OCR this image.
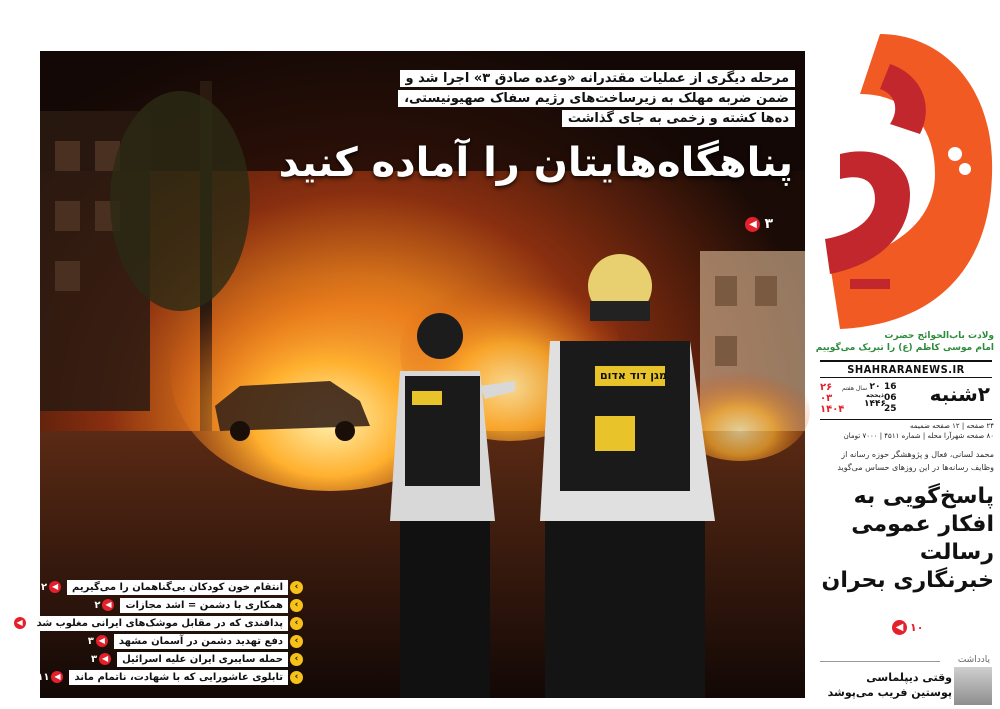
مرحله دیگری از عملیات مقتدرانه «وعده صادق ۳» اجرا شد و ضمن ضربه مهلک به زیرساخت‌های رژیم سفاک صهیونیستی، ده‌ها کشته و زخمی به جای گذاشت
پناهگاه‌هایتان را آماده کنید
۳
◀
מגן דוד אדום
›
انتقام خون کودکان بی‌گناهمان را می‌گیریم
◀
۲
›
همکاری با دشمن = اشد مجازات
◀
۲
›
پدافندی که در مقابل موشک‌های ایرانی مغلوب شد
◀
۲
›
دفع تهدید دشمن در آسمان مشهد
◀
۳
›
حمله سایبری ایران علیه اسرائیل
◀
۳
›
تابلوی عاشورایی که با شهادت، ناتمام ماند
◀
۱۱
ولادت باب‌الحوائج حضرت
امام موسی کاظم (ع) را تبریک می‌گوییم
SHAHRARANEWS.IR
۲شنبه
۲۰
ذیحجه
۱۴۴۶
16
06
25
سال هفتم
۲۶
۰۳
۱۴۰۴
۲۴ صفحه | ۱۲ صفحه ضمیمه
۸۰ صفحه شهرآرا محله | شماره ۴۵۱۱ | ۷۰۰۰ تومان
محمد لسانی، فعال و پژوهشگر حوزه رسانه از وظایف رسانه‌ها در این روزهای حساس می‌گوید
پاسخ‌گویی به افکار عمومی رسالت خبرنگاری بحران
◀ ۱۰
یادداشت
وقتی دیپلماسی
پوستین فریب می‌پوشد
